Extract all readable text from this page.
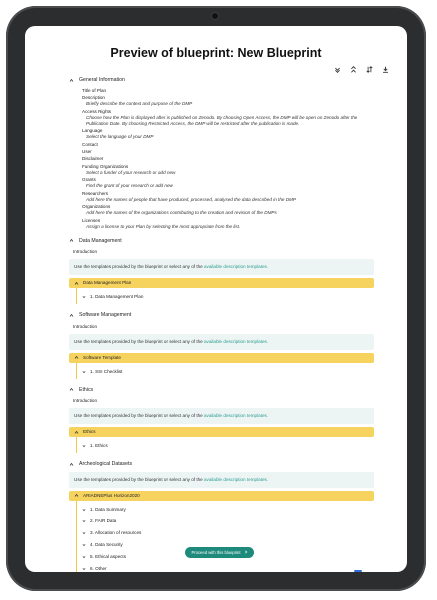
Preview of blueprint: New Blueprint
General Information
Title of Plan
Description
Briefly describe the context and purpose of the DMP
Access Rights
Choose how the Plan is displayed after is published on Zenodo. By choosing Open Access, the DMP will be open on Zenodo after the Publication Date. By choosing Restricted Access, the DMP will be restricted after the publication is made.
Language
Select the language of your DMP
Contact
User
Disclaimer
Funding Organizations
Select a funder of your research or add new
Grants
Find the grant of your research or add new
Researchers
Add here the names of people that have produced, processed, analysed the data described in the DMP
Organizations
Add here the names of the organizations contributing to the creation and revision of the DMPs
Licenses
Assign a license to your Plan by selecting the most appropriate from the list.
Data Management
Introduction
Use the templates provided by the blueprint or select any of the available description templates.
Data Management Plan
1. Data Management Plan
Software Management
Introduction
Use the templates provided by the blueprint or select any of the available description templates.
Software Template
1. SSI Checklist
Ethics
Introduction
Use the templates provided by the blueprint or select any of the available description templates.
Ethics
1. Ethics
Archeological Datasets
Use the templates provided by the blueprint or select any of the available description templates.
ARIADNEPlus Horizon2020
1. Data Summary
2. FAIR Data
3. Allocation of resources
4. Data Security
5. Ethical aspects
6. Other
Proceed with this blueprint
